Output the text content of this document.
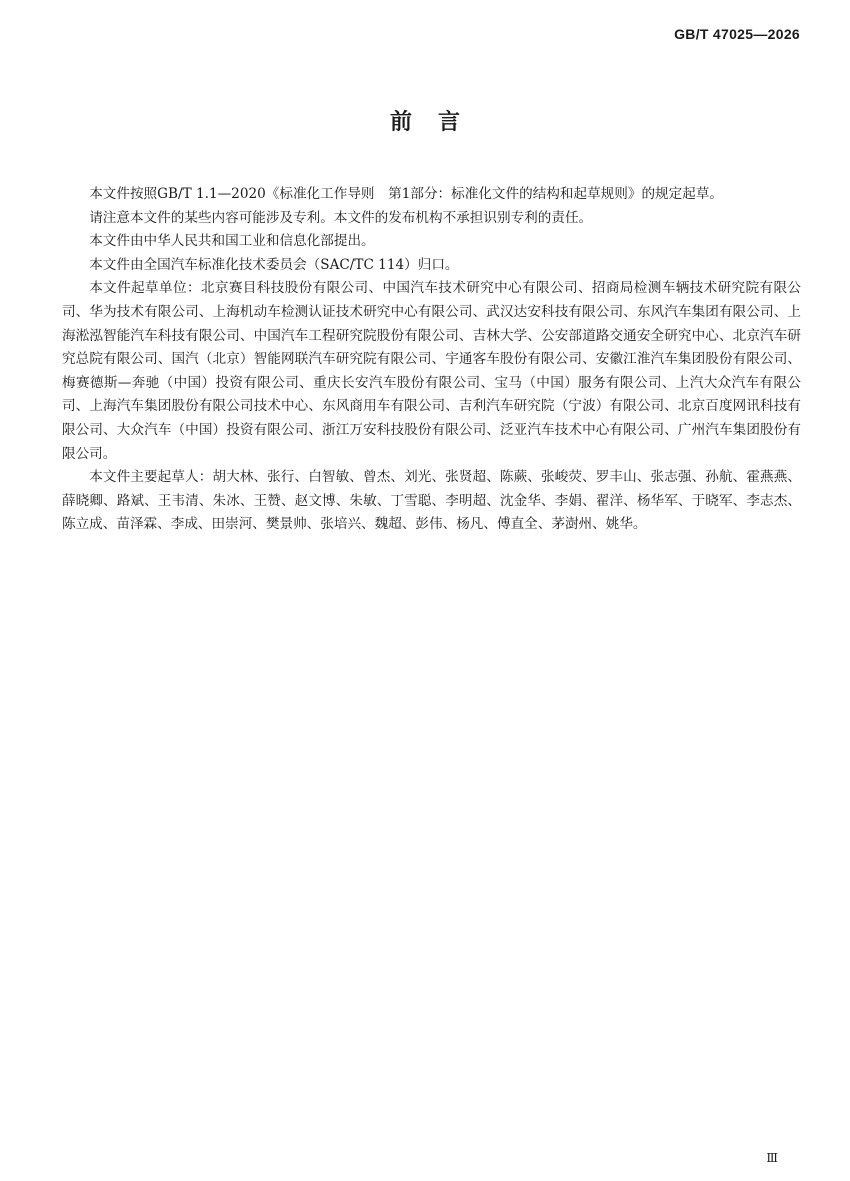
GB/T 47025—2026
前言

本文件按照GB/T 1.1—2020《标准化工作导则　第1部分：标准化文件的结构和起草规则》的规定起草。

请注意本文件的某些内容可能涉及专利。本文件的发布机构不承担识别专利的责任。

本文件由中华人民共和国工业和信息化部提出。

本文件由全国汽车标准化技术委员会（SAC/TC 114）归口。

本文件起草单位：北京赛目科技股份有限公司、中国汽车技术研究中心有限公司、招商局检测车辆技术研究院有限公司、华为技术有限公司、上海机动车检测认证技术研究中心有限公司、武汉达安科技有限公司、东风汽车集团有限公司、上海淞泓智能汽车科技有限公司、中国汽车工程研究院股份有限公司、吉林大学、公安部道路交通安全研究中心、北京汽车研究总院有限公司、国汽（北京）智能网联汽车研究院有限公司、宇通客车股份有限公司、安徽江淮汽车集团股份有限公司、梅赛德斯—奔驰（中国）投资有限公司、重庆长安汽车股份有限公司、宝马（中国）服务有限公司、上汽大众汽车有限公司、上海汽车集团股份有限公司技术中心、东风商用车有限公司、吉利汽车研究院（宁波）有限公司、北京百度网讯科技有限公司、大众汽车（中国）投资有限公司、浙江万安科技股份有限公司、泛亚汽车技术中心有限公司、广州汽车集团股份有限公司。

本文件主要起草人：胡大林、张行、白智敏、曾杰、刘光、张贤超、陈蕨、张峻荧、罗丰山、张志强、孙航、霍燕燕、薛晓卿、路斌、王韦清、朱冰、王赞、赵文博、朱敏、丁雪聪、李明超、沈金华、李娟、翟洋、杨华军、于晓军、李志杰、陈立成、苗泽霖、李成、田崇河、樊景帅、张培兴、魏超、彭伟、杨凡、傅直全、茅澍州、姚华。

Ⅲ
